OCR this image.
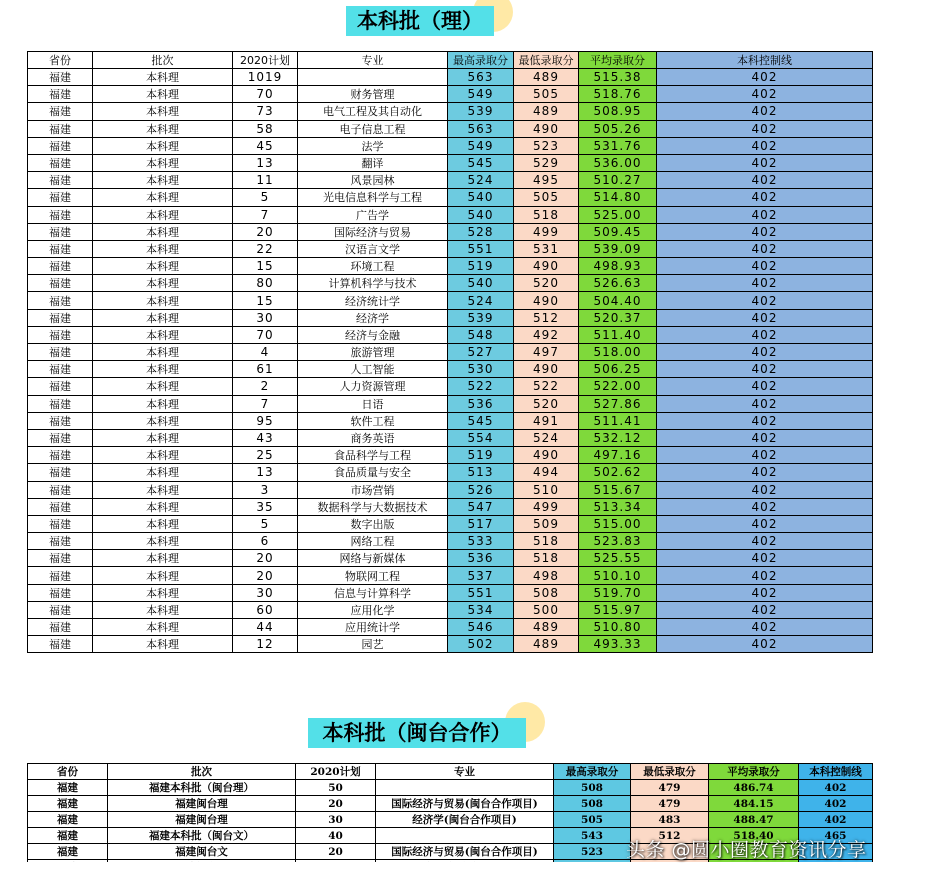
本科批（理）
省份	批次	2020计划	专业	最高录取分	最低录取分	平均录取分	本科控制线
福建	本科理	1019		563	489	515.38	402
福建	本科理	70	财务管理	549	505	518.76	402
福建	本科理	73	电气工程及其自动化	539	489	508.95	402
福建	本科理	58	电子信息工程	563	490	505.26	402
福建	本科理	45	法学	549	523	531.76	402
福建	本科理	13	翻译	545	529	536.00	402
福建	本科理	11	风景园林	524	495	510.27	402
福建	本科理	5	光电信息科学与工程	540	505	514.80	402
福建	本科理	7	广告学	540	518	525.00	402
福建	本科理	20	国际经济与贸易	528	499	509.45	402
福建	本科理	22	汉语言文学	551	531	539.09	402
福建	本科理	15	环境工程	519	490	498.93	402
福建	本科理	80	计算机科学与技术	540	520	526.63	402
福建	本科理	15	经济统计学	524	490	504.40	402
福建	本科理	30	经济学	539	512	520.37	402
福建	本科理	70	经济与金融	548	492	511.40	402
福建	本科理	4	旅游管理	527	497	518.00	402
福建	本科理	61	人工智能	530	490	506.25	402
福建	本科理	2	人力资源管理	522	522	522.00	402
福建	本科理	7	日语	536	520	527.86	402
福建	本科理	95	软件工程	545	491	511.41	402
福建	本科理	43	商务英语	554	524	532.12	402
福建	本科理	25	食品科学与工程	519	490	497.16	402
福建	本科理	13	食品质量与安全	513	494	502.62	402
福建	本科理	3	市场营销	526	510	515.67	402
福建	本科理	35	数据科学与大数据技术	547	499	513.34	402
福建	本科理	5	数字出版	517	509	515.00	402
福建	本科理	6	网络工程	533	518	523.83	402
福建	本科理	20	网络与新媒体	536	518	525.55	402
福建	本科理	20	物联网工程	537	498	510.10	402
福建	本科理	30	信息与计算科学	551	508	519.70	402
福建	本科理	60	应用化学	534	500	515.97	402
福建	本科理	44	应用统计学	546	489	510.80	402
福建	本科理	12	园艺	502	489	493.33	402
本科批（闽台合作）
省份	批次	2020计划	专业	最高录取分	最低录取分	平均录取分	本科控制线
福建	福建本科批（闽台理）	50		508	479	486.74	402
福建	福建闽台理	20	国际经济与贸易(闽台合作项目)	508	479	484.15	402
福建	福建闽台理	30	经济学(闽台合作项目)	505	483	488.47	402
福建	福建本科批（闽台文）	40		543	512	518.40	465
福建	福建闽台文	20	国际经济与贸易(闽台合作项目)	523			
							头条 @圆小圈教育资讯分享
